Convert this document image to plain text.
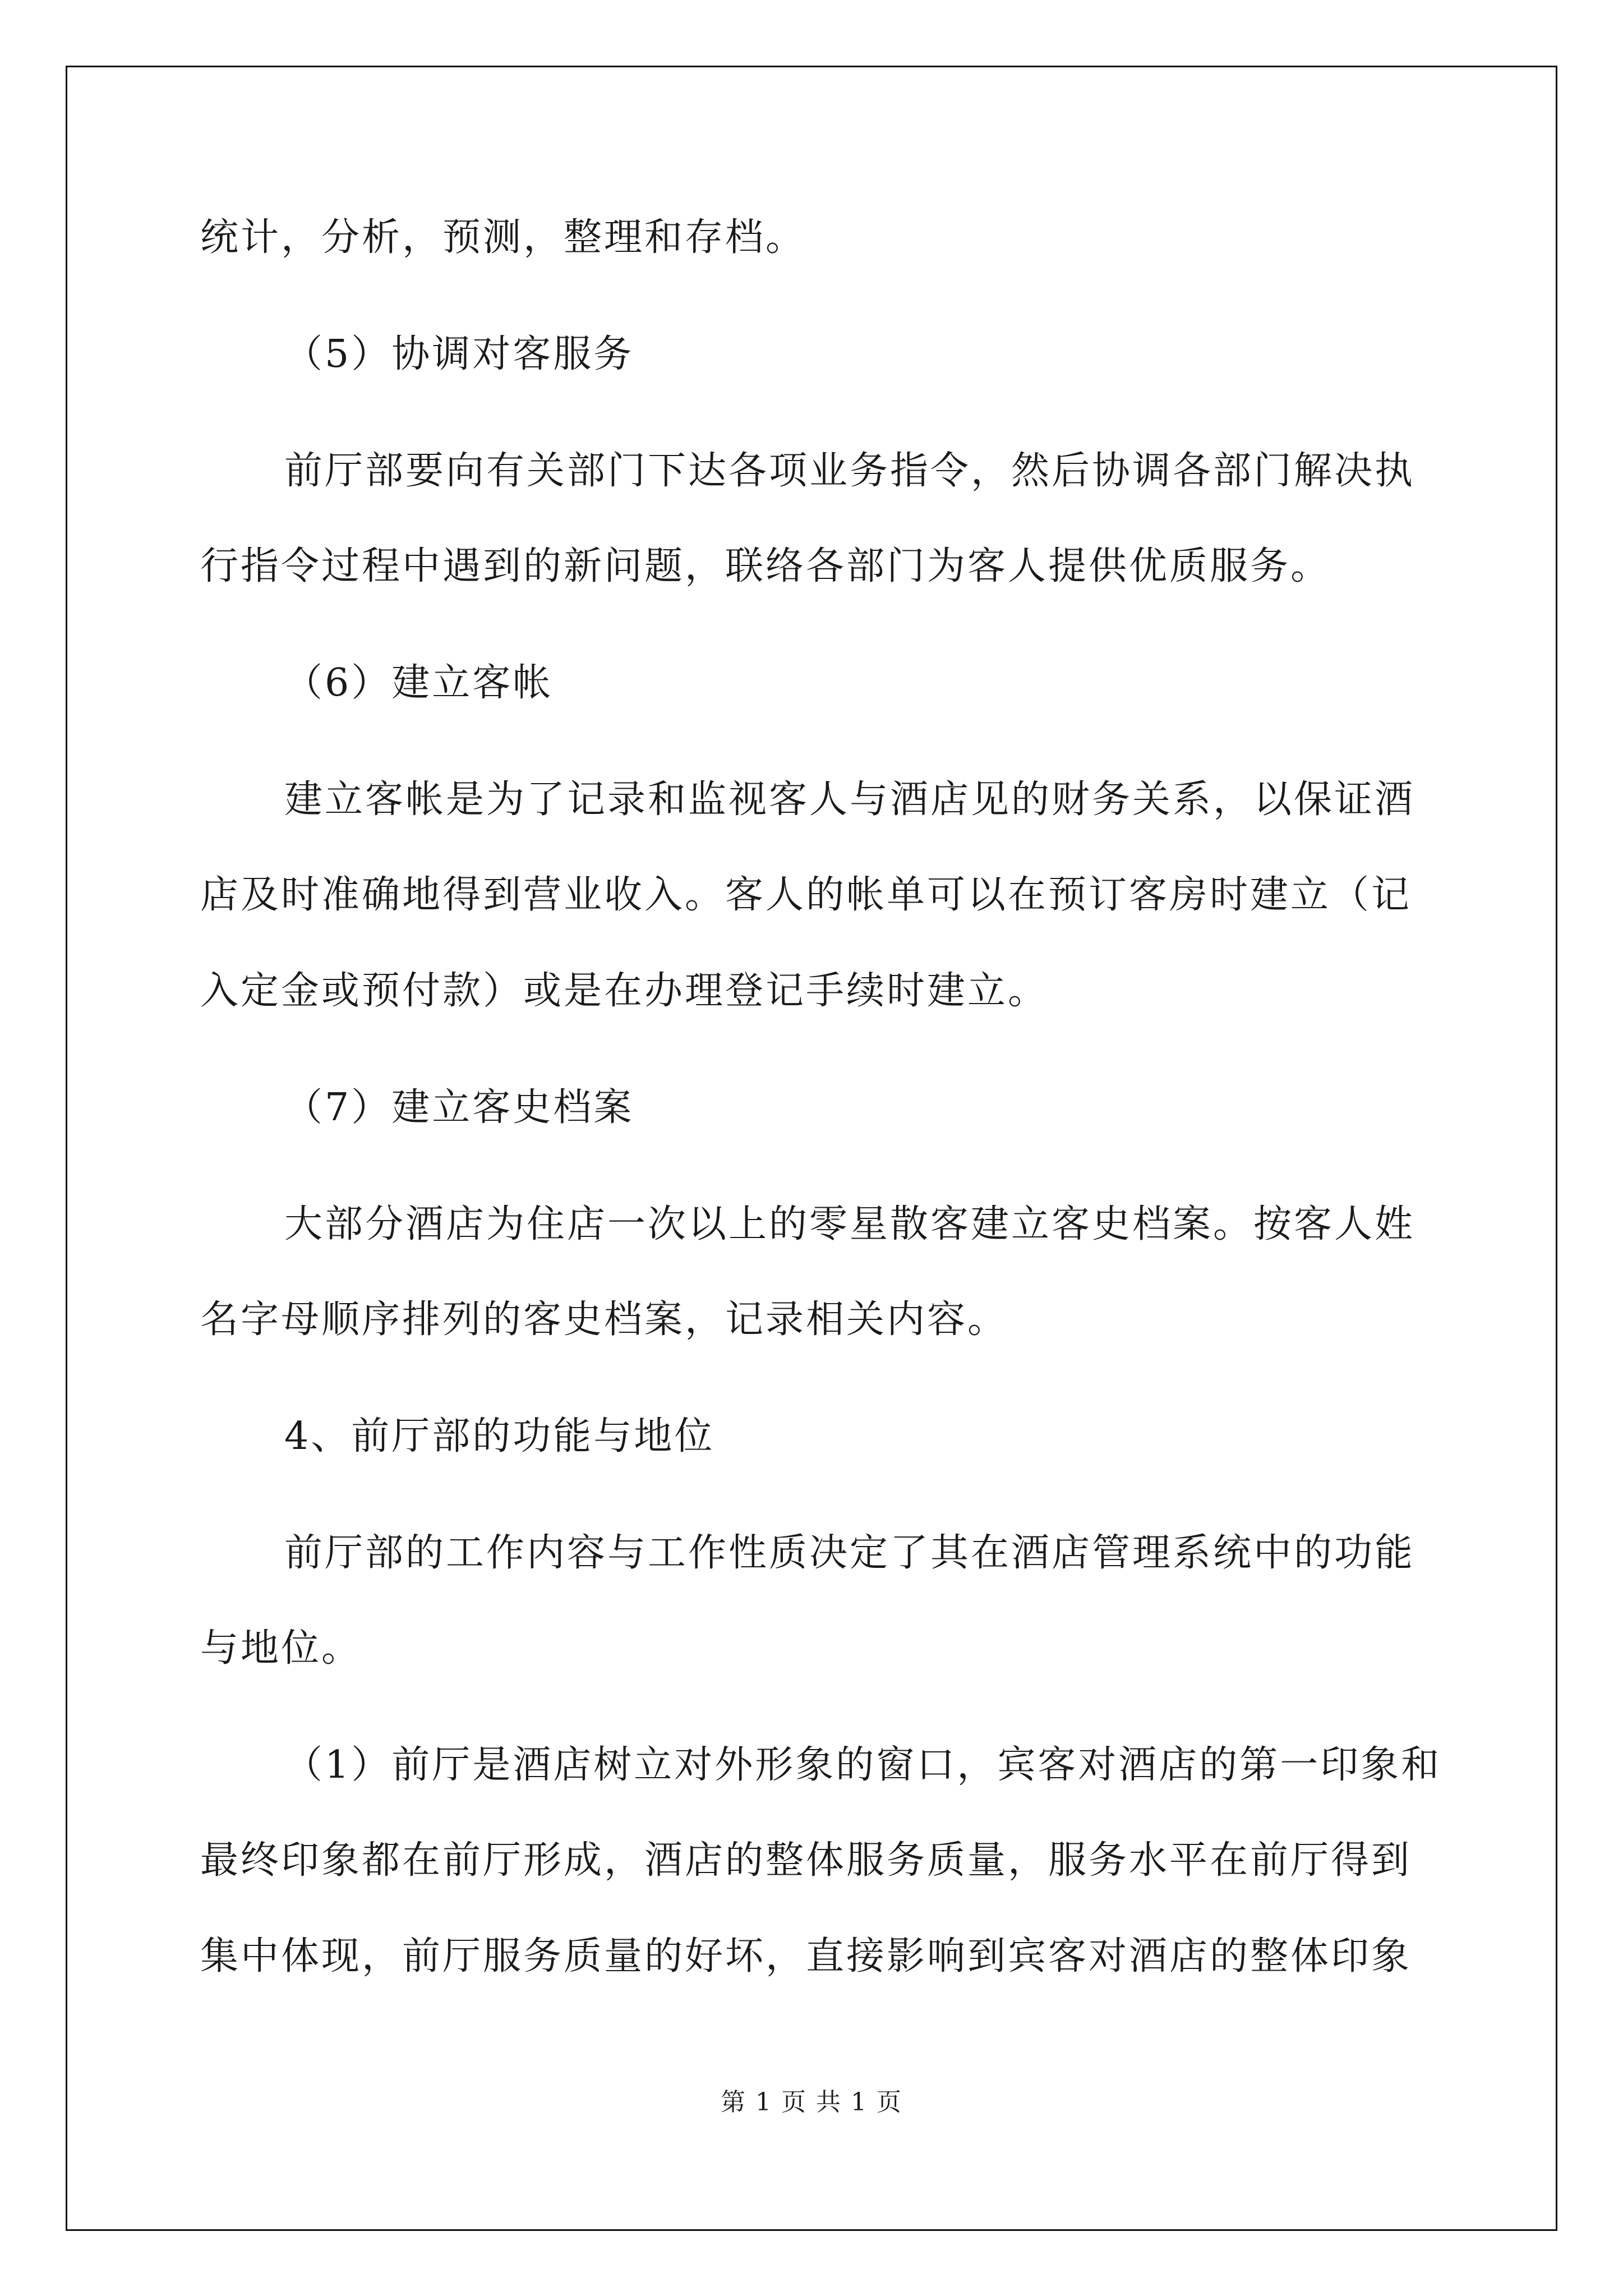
统计，分析，预测，整理和存档。
（5）协调对客服务
前厅部要向有关部门下达各项业务指令，然后协调各部门解决执
行指令过程中遇到的新问题，联络各部门为客人提供优质服务。
（6）建立客帐
建立客帐是为了记录和监视客人与酒店见的财务关系，以保证酒
店及时准确地得到营业收入。客人的帐单可以在预订客房时建立（记
入定金或预付款）或是在办理登记手续时建立。
（7）建立客史档案
大部分酒店为住店一次以上的零星散客建立客史档案。按客人姓
名字母顺序排列的客史档案，记录相关内容。
4、前厅部的功能与地位
前厅部的工作内容与工作性质决定了其在酒店管理系统中的功能
与地位。
（1）前厅是酒店树立对外形象的窗口，宾客对酒店的第一印象和
最终印象都在前厅形成，酒店的整体服务质量，服务水平在前厅得到
集中体现，前厅服务质量的好坏，直接影响到宾客对酒店的整体印象
第 1 页 共 1 页
